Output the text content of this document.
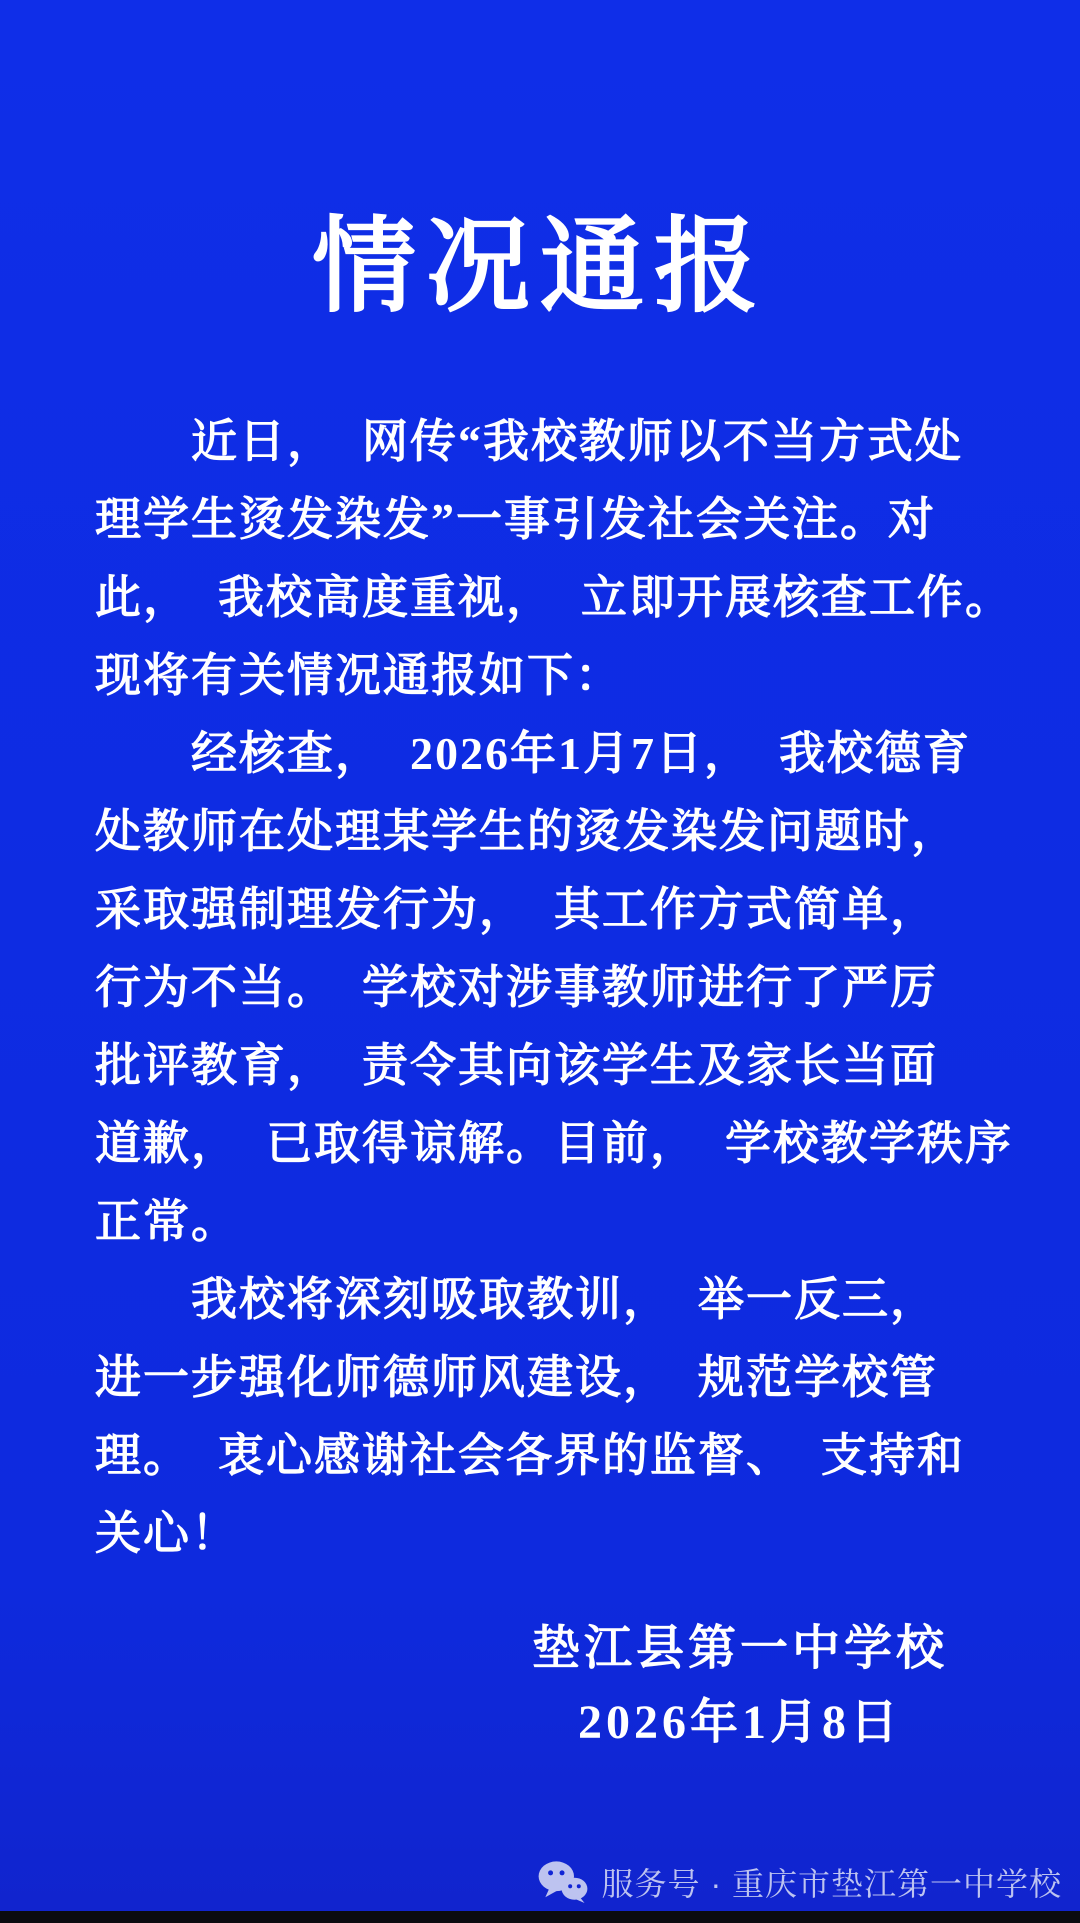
情况通报

近日，  网传“我校教师以不当方式处
理学生烫发染发”一事引发社会关注。对
此，  我校高度重视，  立即开展核查工作。
现将有关情况通报如下：

经核查，  2026年1月7日，  我校德育
处教师在处理某学生的烫发染发问题时，
采取强制理发行为，  其工作方式简单，
行为不当。  学校对涉事教师进行了严厉
批评教育，  责令其向该学生及家长当面
道歉，  已取得谅解。目前，  学校教学秩序
正常。

我校将深刻吸取教训，  举一反三，
进一步强化师德师风建设，  规范学校管
理。  衷心感谢社会各界的监督、  支持和
关心！

垫江县第一中学校
2026年1月8日
服务号 · 重庆市垫江第一中学校
